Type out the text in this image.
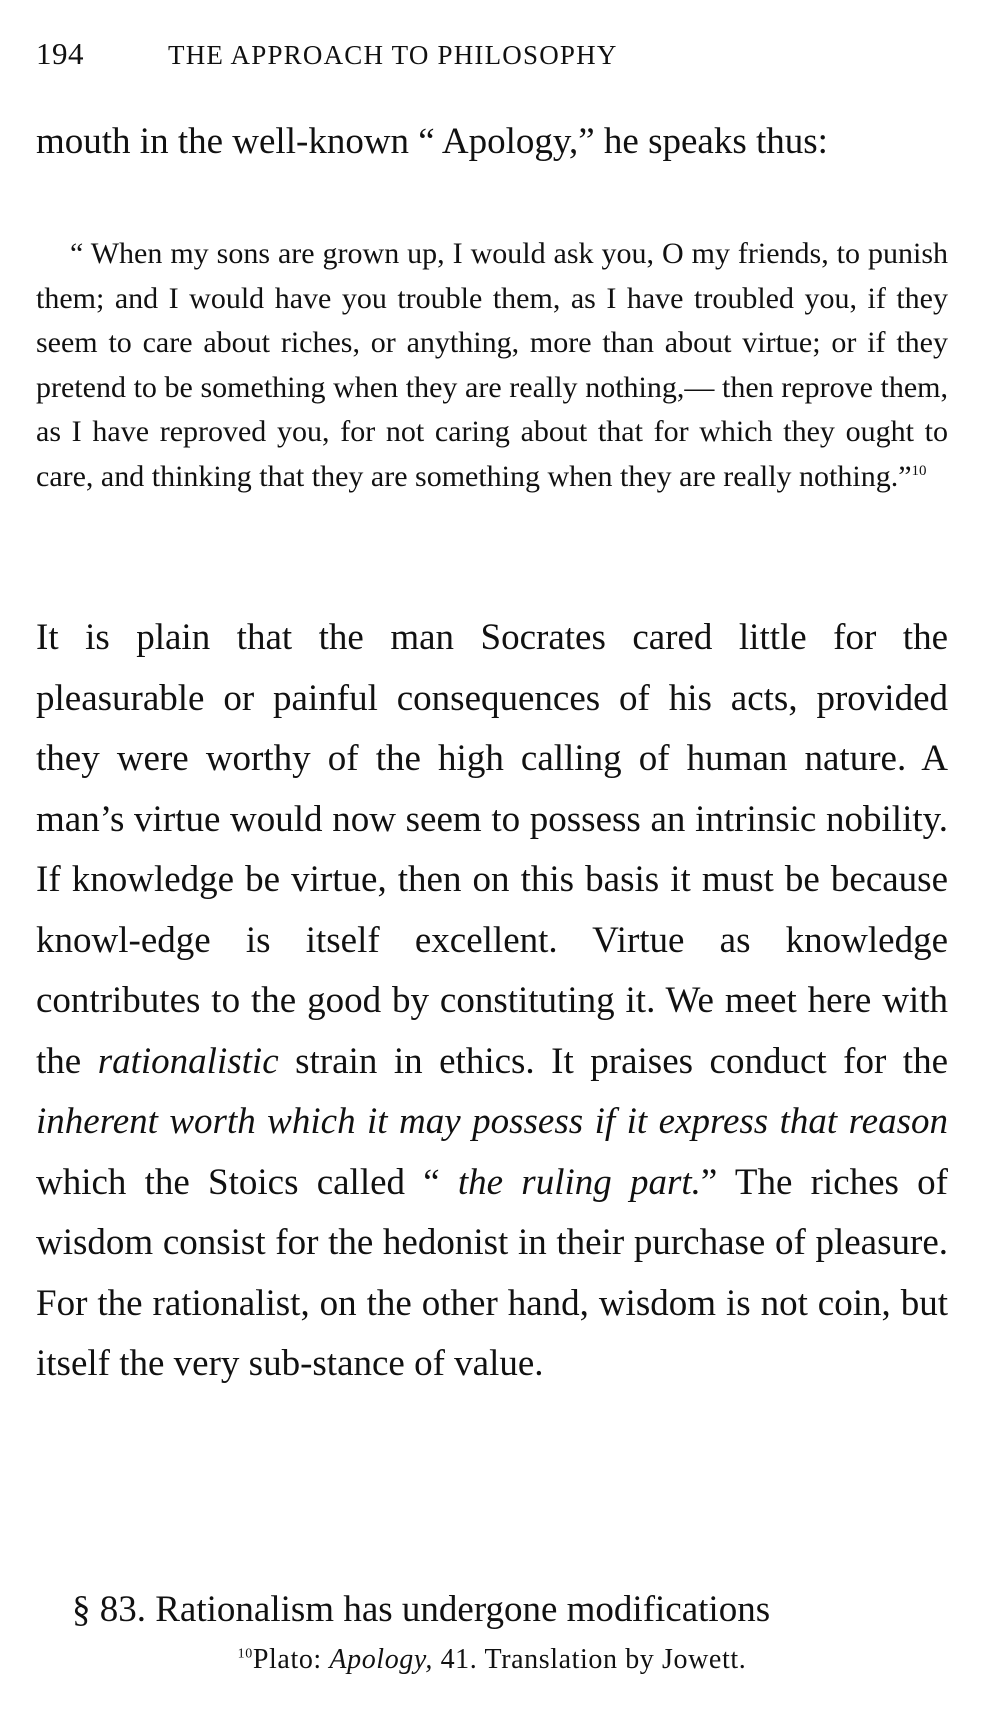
194	THE APPROACH TO PHILOSOPHY

mouth in the well-known “ Apology,” he speaks thus:

“ When my sons are grown up, I would ask you, O my friends, to punish them; and I would have you trouble them, as I have troubled you, if they seem to care about riches, or anything, more than about virtue; or if they pretend to be something when they are really nothing,— then reprove them, as I have reproved you, for not caring about that for which they ought to care, and thinking that they are something when they are really nothing.”$^{10}$

It is plain that the man Socrates cared little for the pleasurable or painful consequences of his acts, provided they were worthy of the high calling of human nature. A man’s virtue would now seem to possess an intrinsic nobility. If knowledge be virtue, then on this basis it must be because knowl-edge is itself excellent. Virtue as knowledge contributes to the good by constituting it. We meet here with the rationalistic strain in ethics. It praises conduct for the inherent worth which it may possess if it express that reason which the Stoics called “ the ruling part.” The riches of wisdom consist for the hedonist in their purchase of pleasure. For the rationalist, on the other hand, wisdom is not coin, but itself the very sub-stance of value.

§ 83. Rationalism has undergone modifications

$^{10}$Plato: Apology, 41. Translation by Jowett.
